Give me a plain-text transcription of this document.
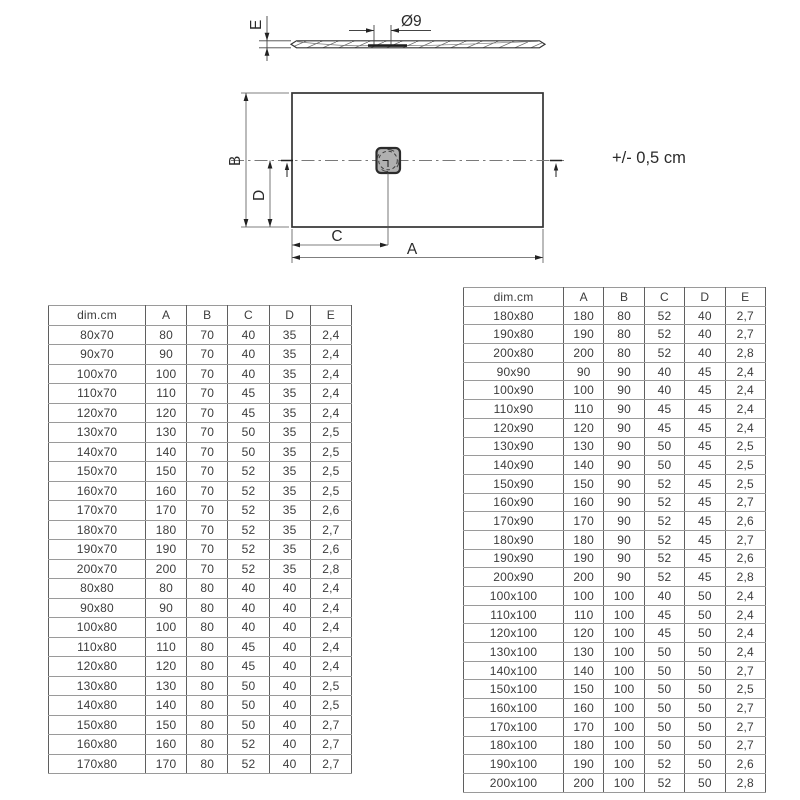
E	Ø9
B
D
C
A
+/- 0,5 cm
dim.cm	A	B	C	D	E
80x70	80	70	40	35	2,4
90x70	90	70	40	35	2,4
100x70	100	70	40	35	2,4
110x70	110	70	45	35	2,4
120x70	120	70	45	35	2,4
130x70	130	70	50	35	2,5
140x70	140	70	50	35	2,5
150x70	150	70	52	35	2,5
160x70	160	70	52	35	2,5
170x70	170	70	52	35	2,6
180x70	180	70	52	35	2,7
190x70	190	70	52	35	2,6
200x70	200	70	52	35	2,8
80x80	80	80	40	40	2,4
90x80	90	80	40	40	2,4
100x80	100	80	40	40	2,4
110x80	110	80	45	40	2,4
120x80	120	80	45	40	2,4
130x80	130	80	50	40	2,5
140x80	140	80	50	40	2,5
150x80	150	80	50	40	2,7
160x80	160	80	52	40	2,7
170x80	170	80	52	40	2,7
dim.cm	A	B	C	D	E
180x80	180	80	52	40	2,7
190x80	190	80	52	40	2,7
200x80	200	80	52	40	2,8
90x90	90	90	40	45	2,4
100x90	100	90	40	45	2,4
110x90	110	90	45	45	2,4
120x90	120	90	45	45	2,4
130x90	130	90	50	45	2,5
140x90	140	90	50	45	2,5
150x90	150	90	52	45	2,5
160x90	160	90	52	45	2,7
170x90	170	90	52	45	2,6
180x90	180	90	52	45	2,7
190x90	190	90	52	45	2,6
200x90	200	90	52	45	2,8
100x100	100	100	40	50	2,4
110x100	110	100	45	50	2,4
120x100	120	100	45	50	2,4
130x100	130	100	50	50	2,4
140x100	140	100	50	50	2,7
150x100	150	100	50	50	2,5
160x100	160	100	50	50	2,7
170x100	170	100	50	50	2,7
180x100	180	100	50	50	2,7
190x100	190	100	52	50	2,6
200x100	200	100	52	50	2,8
